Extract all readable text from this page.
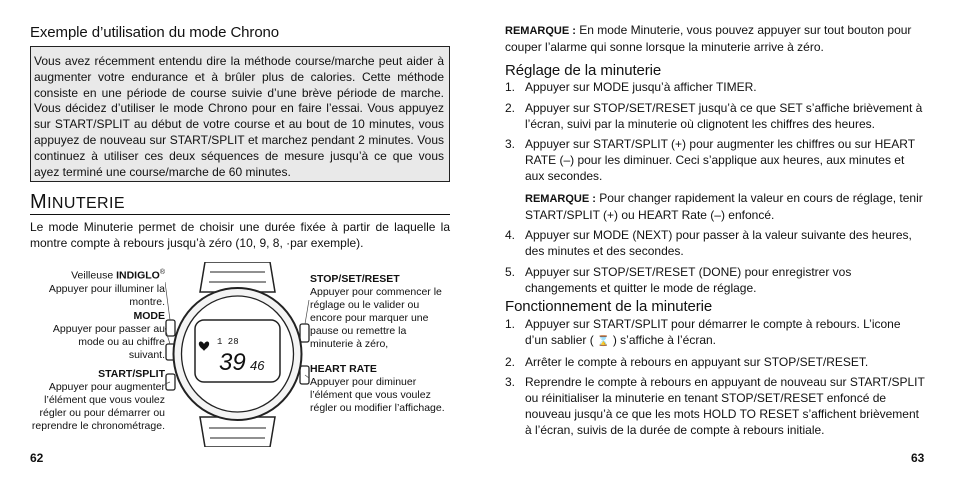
Exemple d’utilisation du mode Chrono

Vous avez récemment entendu dire la méthode course/marche peut aider à augmenter votre endurance et à brûler plus de calories. Cette méthode consiste en une période de course suivie d’une brève période de marche. Vous décidez d’utiliser le mode Chrono pour en faire l’essai. Vous appuyez sur START/SPLIT au début de votre course et au bout de 10 minutes, vous appuyez de nouveau sur START/SPLIT et marchez pendant 2 minutes. Vous continuez à utiliser ces deux séquences de mesure jusqu’à ce que vous ayez terminé une course/marche de 60 minutes.

MINUTERIE

Le mode Minuterie permet de choisir une durée fixée à partir de laquelle la montre compte à rebours jusqu’à zéro (10, 9, 8, ·par exemple).

Veilleuse INDIGLO®
Appuyer pour illuminer la montre.
MODE
Appuyer pour passer au mode ou au chiffre suivant.
START/SPLIT
Appuyer pour augmenter l’élément que vous voulez régler ou pour démarrer ou reprendre le chronométrage.
STOP/SET/RESET
Appuyer pour commencer le réglage ou le valider ou encore pour marquer une pause ou remettre la minuterie à zéro,
HEART RATE
Appuyer pour diminuer l’élément que vous voulez régler ou modifier l’affichage.
1 28
39 46
62

REMARQUE : En mode Minuterie, vous pouvez appuyer sur tout bouton pour couper l’alarme qui sonne lorsque la minuterie arrive à zéro.

Réglage de la minuterie
1. Appuyer sur MODE jusqu’à afficher TIMER.
2. Appuyer sur STOP/SET/RESET jusqu’à ce que SET s’affiche brièvement à l’écran, suivi par la minuterie où clignotent les chiffres des heures.
3. Appuyer sur START/SPLIT (+) pour augmenter les chiffres ou sur HEART RATE (–) pour les diminuer. Ceci s’applique aux heures, aux minutes et aux secondes.
REMARQUE : Pour changer rapidement la valeur en cours de réglage, tenir START/SPLIT (+) ou HEART Rate (–) enfoncé.
4. Appuyer sur MODE (NEXT) pour passer à la valeur suivante des heures, des minutes et des secondes.
5. Appuyer sur STOP/SET/RESET (DONE) pour enregistrer vos changements et quitter le mode de réglage.
Fonctionnement de la minuterie
1. Appuyer sur START/SPLIT pour démarrer le compte à rebours. L’icone d’un sablier ( ⌛ ) s’affiche à l’écran.
2. Arrêter le compte à rebours en appuyant sur STOP/SET/RESET.
3. Reprendre le compte à rebours en appuyant de nouveau sur START/SPLIT ou réinitialiser la minuterie en tenant STOP/SET/RESET enfoncé de nouveau jusqu’à ce que les mots HOLD TO RESET s’affichent brièvement à l’écran, suivis de la durée de compte à rebours initiale.
63
